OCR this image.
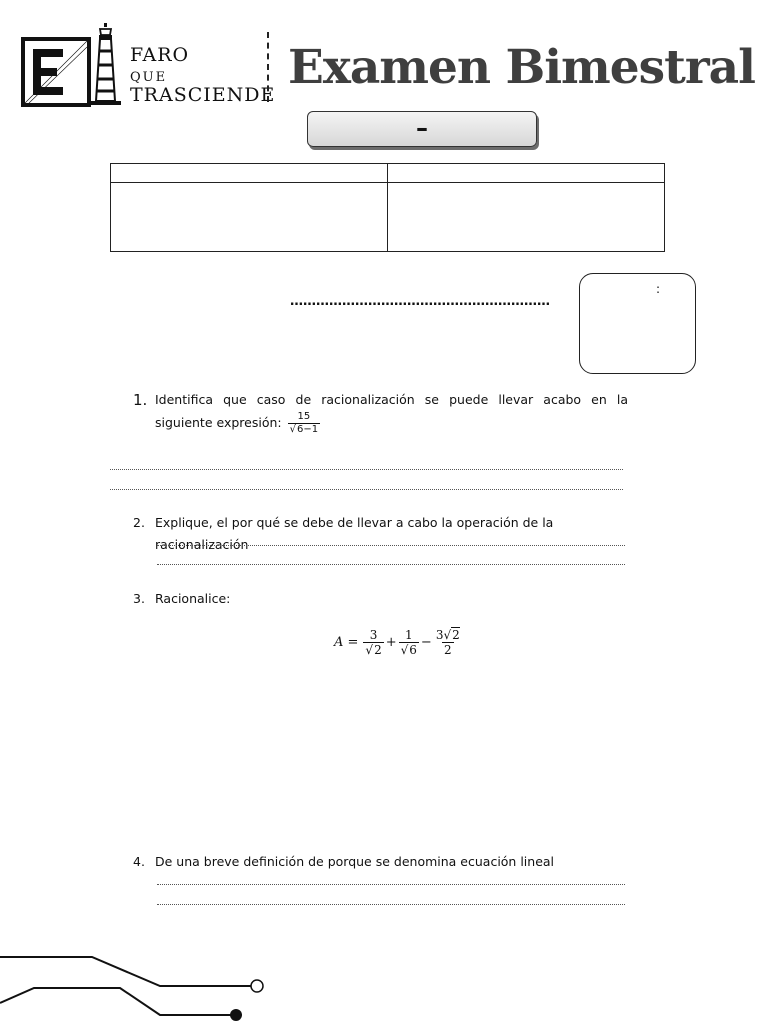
FARO
QUE
TRASCIENDE Examen Bimestral
–

……………………………………………………
:
1. Identifica que caso de racionalización se puede llevar acabo en la siguiente expresión: $\frac{15}{√6-1}$
2. Explique, el por qué se debe de llevar a cabo la operación de la racionalización
3. Racionalice:
$A = \frac{3}{√2} + \frac{1}{√6} - \frac{3√2}{2}$
4. De una breve definición de porque se denomina ecuación lineal
